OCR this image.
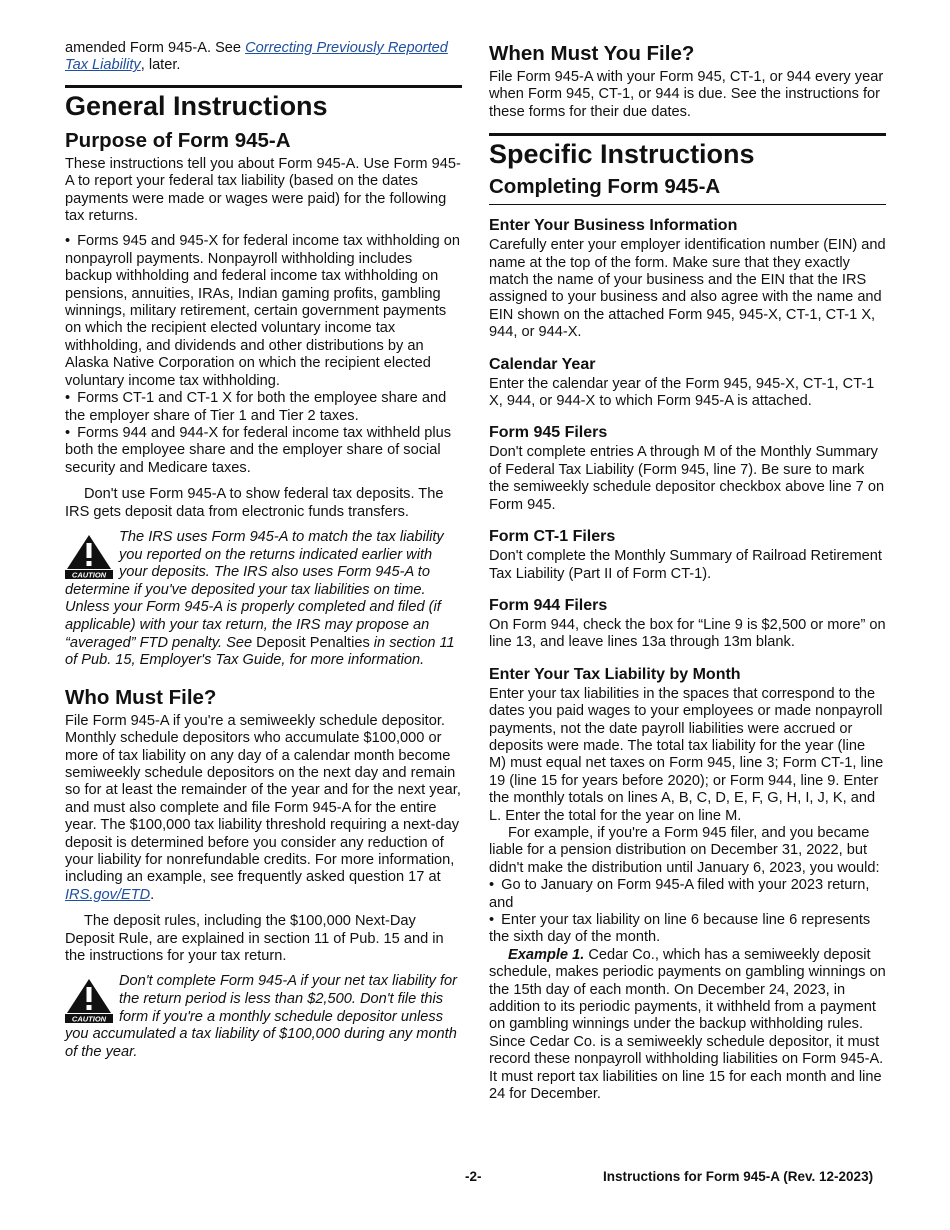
amended Form 945-A. See Correcting Previously Reported Tax Liability, later.

General Instructions
Purpose of Form 945-A

These instructions tell you about Form 945-A. Use Form 945-A to report your federal tax liability (based on the dates payments were made or wages were paid) for the following tax returns.

• Forms 945 and 945-X for federal income tax withholding on nonpayroll payments. Nonpayroll withholding includes backup withholding and federal income tax withholding on pensions, annuities, IRAs, Indian gaming profits, gambling winnings, military retirement, certain government payments on which the recipient elected voluntary income tax withholding, and dividends and other distributions by an Alaska Native Corporation on which the recipient elected voluntary income tax withholding.
• Forms CT-1 and CT-1 X for both the employee share and the employer share of Tier 1 and Tier 2 taxes.
• Forms 944 and 944-X for federal income tax withheld plus both the employee share and the employer share of social security and Medicare taxes.

Don't use Form 945-A to show federal tax deposits. The IRS gets deposit data from electronic funds transfers.

CAUTION
The IRS uses Form 945-A to match the tax liability you reported on the returns indicated earlier with your deposits. The IRS also uses Form 945-A to determine if you've deposited your tax liabilities on time. Unless your Form 945-A is properly completed and filed (if applicable) with your tax return, the IRS may propose an “averaged” FTD penalty. See Deposit Penalties in section 11 of Pub. 15, Employer's Tax Guide, for more information.
Who Must File?

File Form 945-A if you're a semiweekly schedule depositor. Monthly schedule depositors who accumulate $100,000 or more of tax liability on any day of a calendar month become semiweekly schedule depositors on the next day and remain so for at least the remainder of the year and for the next year, and must also complete and file Form 945-A for the entire year. The $100,000 tax liability threshold requiring a next-day deposit is determined before you consider any reduction of your liability for nonrefundable credits. For more information, including an example, see frequently asked question 17 at IRS.gov/ETD.

The deposit rules, including the $100,000 Next-Day Deposit Rule, are explained in section 11 of Pub. 15 and in the instructions for your tax return.

CAUTION
Don't complete Form 945-A if your net tax liability for the return period is less than $2,500. Don't file this form if you're a monthly schedule depositor unless you accumulated a tax liability of $100,000 during any month of the year.
When Must You File?

File Form 945-A with your Form 945, CT-1, or 944 every year when Form 945, CT-1, or 944 is due. See the instructions for these forms for their due dates.

Specific Instructions
Completing Form 945-A
Enter Your Business Information

Carefully enter your employer identification number (EIN) and name at the top of the form. Make sure that they exactly match the name of your business and the EIN that the IRS assigned to your business and also agree with the name and EIN shown on the attached Form 945, 945-X, CT-1, CT-1 X, 944, or 944-X.

Calendar Year

Enter the calendar year of the Form 945, 945-X, CT-1, CT-1 X, 944, or 944-X to which Form 945-A is attached.

Form 945 Filers

Don't complete entries A through M of the Monthly Summary of Federal Tax Liability (Form 945, line 7). Be sure to mark the semiweekly schedule depositor checkbox above line 7 on Form 945.

Form CT-1 Filers

Don't complete the Monthly Summary of Railroad Retirement Tax Liability (Part II of Form CT-1).

Form 944 Filers

On Form 944, check the box for “Line 9 is $2,500 or more” on line 13, and leave lines 13a through 13m blank.

Enter Your Tax Liability by Month

Enter your tax liabilities in the spaces that correspond to the dates you paid wages to your employees or made nonpayroll payments, not the date payroll liabilities were accrued or deposits were made. The total tax liability for the year (line M) must equal net taxes on Form 945, line 3; Form CT-1, line 19 (line 15 for years before 2020); or Form 944, line 9. Enter the monthly totals on lines A, B, C, D, E, F, G, H, I, J, K, and L. Enter the total for the year on line M.

For example, if you're a Form 945 filer, and you became liable for a pension distribution on December 31, 2022, but didn't make the distribution until January 6, 2023, you would:

• Go to January on Form 945-A filed with your 2023 return, and
• Enter your tax liability on line 6 because line 6 represents the sixth day of the month.

Example 1. Cedar Co., which has a semiweekly deposit schedule, makes periodic payments on gambling winnings on the 15th day of each month. On December 24, 2023, in addition to its periodic payments, it withheld from a payment on gambling winnings under the backup withholding rules. Since Cedar Co. is a semiweekly schedule depositor, it must record these nonpayroll withholding liabilities on Form 945-A. It must report tax liabilities on line 15 for each month and line 24 for December.

-2-	Instructions for Form 945-A (Rev. 12-2023)
